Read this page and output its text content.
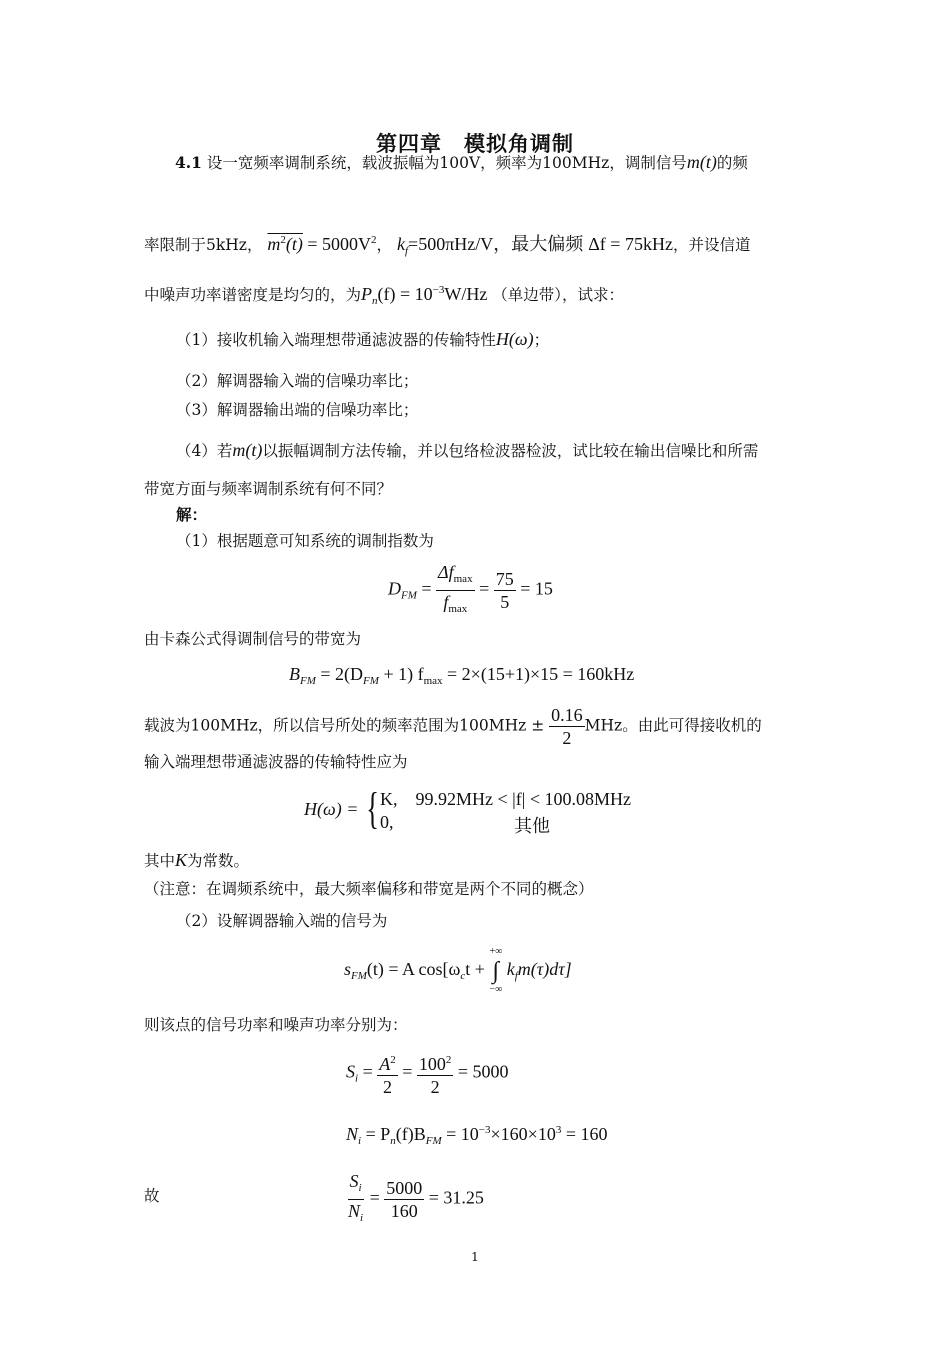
第四章　模拟角调制
4.1 设一宽频率调制系统，载波振幅为100V，频率为100MHz，调制信号m(t)的频
率限制于5kHz， $m^2(t) = 5000V^2$， $k_f=500\pi Hz/V$，最大偏频 Δf = 75kHz，并设信道
中噪声功率谱密度是均匀的，为$P_n(f) = 10^{-3}W/Hz$ （单边带），试求：
（1）接收机输入端理想带通滤波器的传输特性H(ω)；
（2）解调器输入端的信噪功率比；
（3）解调器输出端的信噪功率比；
（4）若m(t)以振幅调制方法传输，并以包络检波器检波，试比较在输出信噪比和所需
带宽方面与频率调制系统有何不同？
解：
（1）根据题意可知系统的调制指数为
$D_{FM} = \frac{\Delta f_{max}}{f_{max}} = \frac{75}{5} = 15$
由卡森公式得调制信号的带宽为
$B_{FM} = 2(D_{FM} + 1) f_{max} = 2\times(15+1)\times 15 = 160kHz$
载波为100MHz，所以信号所处的频率范围为$100MHz \pm \frac{0.16}{2}$ MHz。由此可得接收机的
输入端理想带通滤波器的传输特性应为
H(ω) = { K,　99.92MHz < |f| < 100.08MHz
0,	其他
其中K为常数。
（注意：在调频系统中，最大频率偏移和带宽是两个不同的概念）
（2）设解调器输入端的信号为
$s_{FM}(t) = A$ $\cos[\omega_ct$ +
+∞
∫
−∞
$k_fm(\tau)d\tau$]
则该点的信号功率和噪声功率分别为：
$S_i = \frac{A^2}{2} = \frac{100^2}{2} = 5000$
$N_i = P_n(f)B_{FM} = 10^{-3}\times 160\times 10^3 = 160$
故	$\frac{S_i}{N_i} = \frac{5000}{160} = 31.25$
1
